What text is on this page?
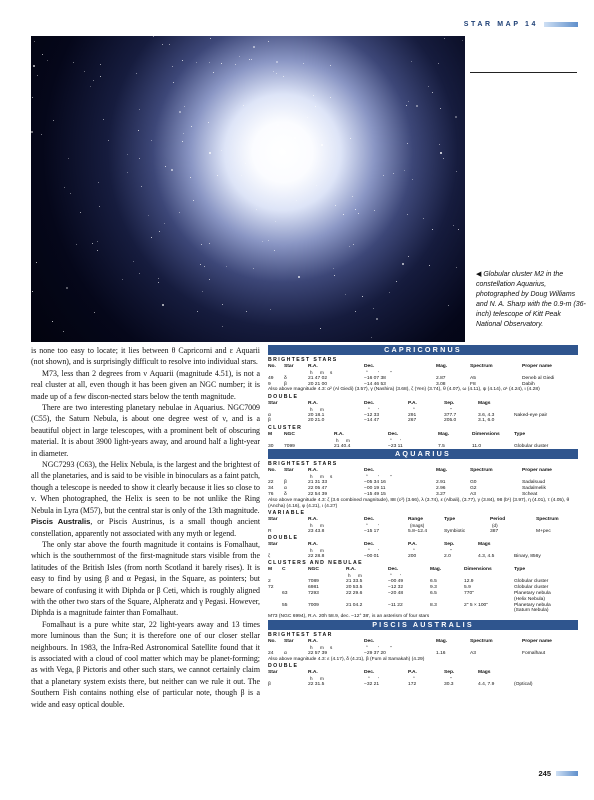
STAR MAP 14
◀ Globular cluster M2 in the constellation Aquarius, photographed by Doug Williams and N. A. Sharp with the 0.9-m (36-inch) telescope of Kitt Peak National Observatory.

is none too easy to locate; it lies between θ Capricorni and ε Aquarii (not shown), and is surprisingly difficult to resolve into individual stars.

M73, less than 2 degrees from ν Aquarii (magnitude 4.51), is not a real cluster at all, even though it has been given an NGC number; it is made up of a few discon-nected stars below the tenth magnitude.

There are two interesting planetary nebulae in Aquarius. NGC7009 (C55), the Saturn Nebula, is about one degree west of ν, and is a beautiful object in large telescopes, with a prominent belt of obscuring material. It is about 3900 light-years away, and around half a light-year in diameter.

NGC7293 (C63), the Helix Nebula, is the largest and the brightest of all the planetaries, and is said to be visible in binoculars as a faint patch, though a telescope is needed to show it clearly because it lies so close to ν. When photographed, the Helix is seen to be not unlike the Ring Nebula in Lyra (M57), but the central star is only of the 13th magnitude.

Piscis Australis, or Piscis Austrinus, is a small though ancient constellation, apparently not associated with any myth or legend.

The only star above the fourth magnitude it contains is Fomalhaut, which is the southernmost of the first-magnitude stars visible from the latitudes of the British Isles (from north Scotland it barely rises). It is easy to find by using β and α Pegasi, in the Square, as pointers; but beware of confusing it with Diphda or β Ceti, which is roughly aligned with the other two stars of the Square, Alpheratz and γ Pegasi. However, Diphda is a magnitude fainter than Fomalhaut.

Fomalhaut is a pure white star, 22 light-years away and 13 times more luminous than the Sun; it is therefore one of our closer stellar neighbours. In 1983, the Infra-Red Astronomical Satellite found that it is associated with a cloud of cool matter which may be planet-forming; as with Vega, β Pictoris and other such stars, we cannot certainly claim that a planetary system exists there, but neither can we rule it out. The Southern Fish contains nothing else of particular note, though β is a wide and easy optical double.

CAPRICORNUS
BRIGHTEST STARS
No. Star	R.A.	Dec.	Mag.	Spectrum	Proper name
h m s	° ′ ″
49 δ	21 47 02	−16 07 38	2.87	A5	Deneb al Giedi
9	β	20 21 00	−14 46 53	3.08	F8	Dabih
Also above magnitude 4.3: α² (Al Giedi) (3.57), γ (Nashira) (3.68), ζ (Yen) (3.74), θ (4.07), ω (4.11), ψ (4.14), α¹ (4.24), ι (4.28)
DOUBLE
Star	R.A.	Dec.	P.A.	Sep.	Mags
h m	° ′	°	″
α	20 18.1	−12 33	291	377.7	3.6, 4.3	Naked-eye pair
β	20 21.0	−14 47	267	205.0	3.1, 6.0
CLUSTER
M NGC	R.A.	Dec.	Mag.	Dimensions	Type
h m	° ′
30 7099	21 40.4	−23 11	7.5	11.0	Globular cluster
AQUARIUS
BRIGHTEST STARS
No. Star	R.A.	Dec.	Mag.	Spectrum	Proper name
h m s	° ′ ″
22 β	21 31 33	−05 34 16	2.91	G0	Sadalsuud
34 α	22 05 47	−00 19 11	2.96	G2	Sadalmelik
76 δ	22 54 39	−15 49 15	3.27	A3	Scheat
Also above magnitude 4.3: ζ (3.6 combined magnitude), 88 (c²) (3.66), λ (3.74), ε (Albali), (3.77), γ (3.84), 98 (b¹) (3.97), η (4.01), τ (4.05), θ (Ancha) (4.16), φ (4.21), ι (4.27)
VARIABLE
Star	R.A.	Dec.	Range	Type	Period	Spectrum
h m	° ′	(mags)	(d)
R	23 43.8	−15 17	5.8–12.4	Symbiotic	387	M+pec
DOUBLE
Star	R.A.	Dec.	P.A.	Sep.	Mags
h m	° ′	°	″
ζ	22 28.8	−00 01	200	2.0	4.3, 4.5	Binary, 856y
CLUSTERS AND NEBULAE
M C	NGC	R.A.	Dec.	Mag.	Dimensions	Type
h m	° ′
2	7089	21 33.5	−00 49	6.5	12.9	Globular cluster
72	6981	20 53.5	−12 32	9.3	5.9	Globular cluster
63	7293	22 29.6	−20 48	6.5	770"	Planetary nebula
(Helix Nebula)
55	7009	21 04.2	−11 22	8.3	2" 5 × 100"	Planetary nebula
(Saturn Nebula)
M73 (NGC 6994), R.A. 20h 58.9, dec. −12° 38′, is an asterism of four stars
PISCIS AUSTRALIS
BRIGHTEST STAR
No. Star	R.A.	Dec.	Mag.	Spectrum	Proper name
h m s	° ′ ″
24 α	22 57 39	−29 37 20	1.16	A3	Fomalhaut
Also above magnitude 4.3: ε (4.17), δ (4.21), β (Fum al Samakah) (4.29)
DOUBLE
Star	R.A.	Dec.	P.A.	Sep.	Mags
h m	° ′	°	″
β	22 31.5	−32 21	172	30.3	4.4, 7.9	(Optical)
245
